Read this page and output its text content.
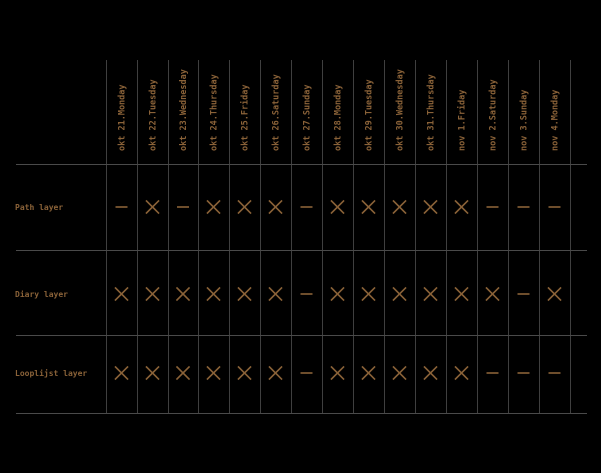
okt 21.Monday okt 22.Tuesday okt 23.Wednesday okt 24.Thursday okt 25.Friday okt 26.Saturday okt 27.Sunday okt 28.Monday okt 29.Tuesday okt 30.Wednesday okt 31.Thursday nov 1.Friday nov 2.Saturday nov 3.Sunday nov 4.Monday
Path layer
Diary layer
Looplijst layer
